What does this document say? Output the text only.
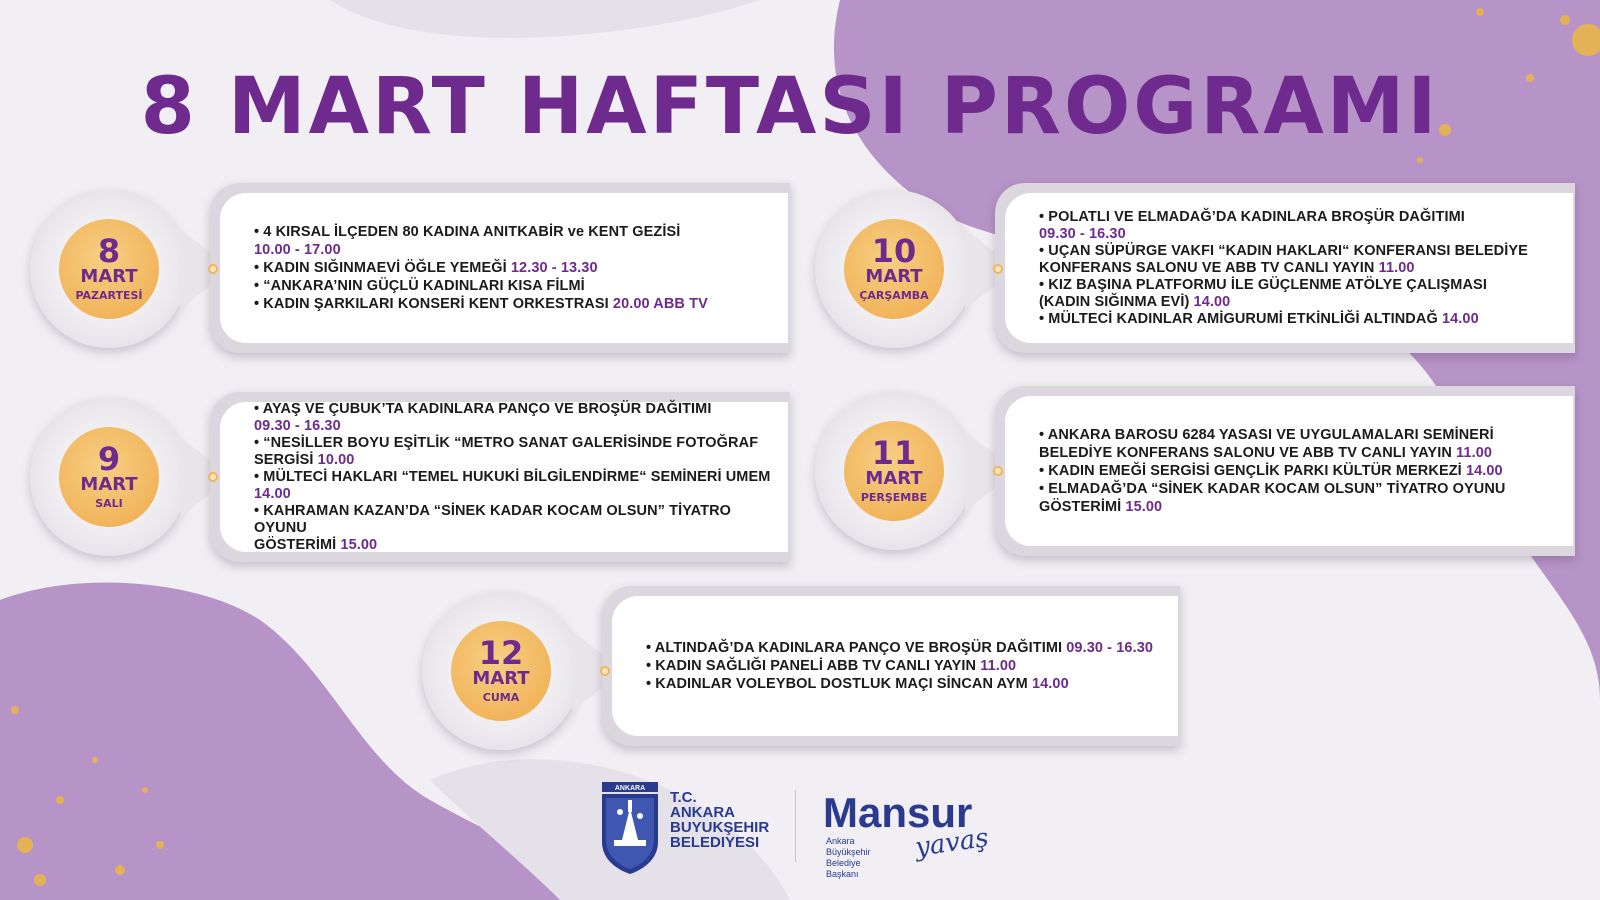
8 MART HAFTASI PROGRAMI
• 4 KIRSAL İLÇEDEN 80 KADINA ANITKABİR ve KENT GEZİSİ
10.00 - 17.00
• KADIN SIĞINMAEVİ ÖĞLE YEMEĞİ 12.30 - 13.30
• “ANKARA’NIN GÜÇLÜ KADINLARI KISA FİLMİ
• KADIN ŞARKILARI KONSERİ KENT ORKESTRASI 20.00 ABB TV
8
MART
PAZARTESİ
• AYAŞ VE ÇUBUK’TA KADINLARA PANÇO VE BROŞÜR DAĞITIMI
09.30 - 16.30
• “NESİLLER BOYU EŞİTLİK “METRO SANAT GALERİSİNDE FOTOĞRAF
SERGİSİ 10.00
• MÜLTECİ HAKLARI “TEMEL HUKUKİ BİLGİLENDİRME“ SEMİNERİ UMEM
14.00
• KAHRAMAN KAZAN’DA “SİNEK KADAR KOCAM OLSUN” TİYATRO OYUNU
GÖSTERİMİ 15.00
9
MART
SALI
• POLATLI VE ELMADAĞ’DA KADINLARA BROŞÜR DAĞITIMI
09.30 - 16.30
• UÇAN SÜPÜRGE VAKFI “KADIN HAKLARI“ KONFERANSI BELEDİYE
KONFERANS SALONU VE ABB TV CANLI YAYIN 11.00
• KIZ BAŞINA PLATFORMU İLE GÜÇLENME ATÖLYE ÇALIŞMASI
(KADIN SIĞINMA EVİ) 14.00
• MÜLTECİ KADINLAR AMİGURUMİ ETKİNLİĞİ ALTINDAĞ 14.00
10
MART
ÇARŞAMBA
• ANKARA BAROSU 6284 YASASI VE UYGULAMALARI SEMİNERİ
BELEDİYE KONFERANS SALONU VE ABB TV CANLI YAYIN 11.00
• KADIN EMEĞİ SERGİSİ GENÇLİK PARKI KÜLTÜR MERKEZİ 14.00
• ELMADAĞ’DA “SİNEK KADAR KOCAM OLSUN” TİYATRO OYUNU
GÖSTERİMİ 15.00
11
MART
PERŞEMBE
• ALTINDAĞ’DA KADINLARA PANÇO VE BROŞÜR DAĞITIMI 09.30 - 16.30
• KADIN SAĞLIĞI PANELİ ABB TV CANLI YAYIN 11.00
• KADINLAR VOLEYBOL DOSTLUK MAÇI SİNCAN AYM 14.00
12
MART
CUMA
ANKARA
T.C.
ANKARA
BUYUKŞEHIR
BELEDIYESI
Mansur
Ankara Büyükşehir
Belediye Başkanı
yavaş
